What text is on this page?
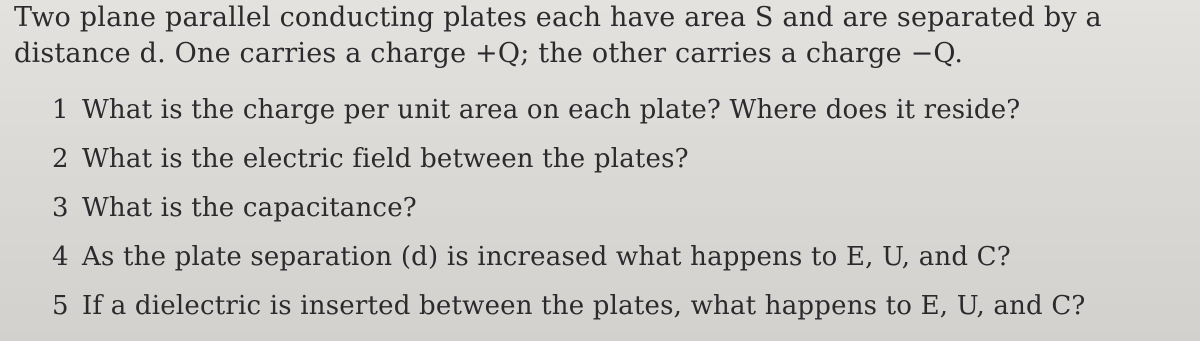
Two plane parallel conducting plates each have area S and are separated by a
distance d. One carries a charge +Q; the other carries a charge −Q.
1 What is the charge per unit area on each plate? Where does it reside?
2 What is the electric field between the plates?
3 What is the capacitance?
4 As the plate separation (d) is increased what happens to E, U, and C?
5 If a dielectric is inserted between the plates, what happens to E, U, and C?
